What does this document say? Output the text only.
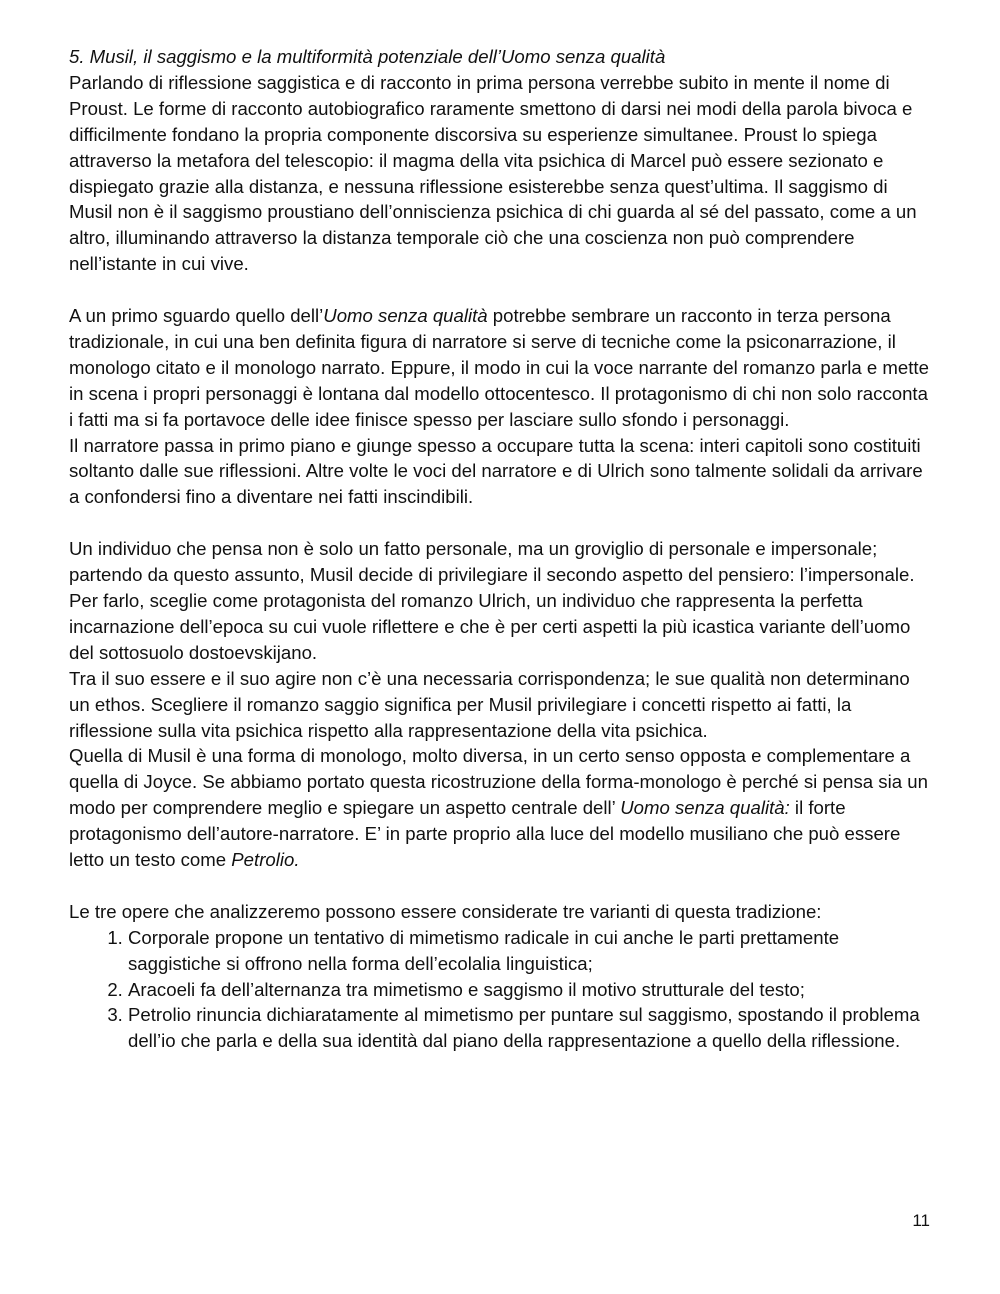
5. Musil, il saggismo e la multiformità potenziale dell’Uomo senza qualità

Parlando di riflessione saggistica e di racconto in prima persona verrebbe subito in mente il nome di Proust. Le forme di racconto autobiografico raramente smettono di darsi nei modi della parola bivoca e difficilmente fondano la propria componente discorsiva su esperienze simultanee. Proust lo spiega attraverso la metafora del telescopio: il magma della vita psichica di Marcel può essere sezionato e dispiegato grazie alla distanza, e nessuna riflessione esisterebbe senza quest’ultima. Il saggismo di Musil non è il saggismo proustiano dell’onniscienza psichica di chi guarda al sé del passato, come a un altro, illuminando attraverso la distanza temporale ciò che una coscienza non può comprendere nell’istante in cui vive.

A un primo sguardo quello dell’Uomo senza qualità potrebbe sembrare un racconto in terza persona tradizionale, in cui una ben definita figura di narratore si serve di tecniche come la psiconarrazione, il monologo citato e il monologo narrato. Eppure, il modo in cui la voce narrante del romanzo parla e mette in scena i propri personaggi è lontana dal modello ottocentesco. Il protagonismo di chi non solo racconta i fatti ma si fa portavoce delle idee finisce spesso per lasciare sullo sfondo i personaggi.

Il narratore passa in primo piano e giunge spesso a occupare tutta la scena: interi capitoli sono costituiti soltanto dalle sue riflessioni. Altre volte le voci del narratore e di Ulrich sono talmente solidali da arrivare a confondersi fino a diventare nei fatti inscindibili.

Un individuo che pensa non è solo un fatto personale, ma un groviglio di personale e impersonale; partendo da questo assunto, Musil decide di privilegiare il secondo aspetto del pensiero: l’impersonale. Per farlo, sceglie come protagonista del romanzo Ulrich, un individuo che rappresenta la perfetta incarnazione dell’epoca su cui vuole riflettere e che è per certi aspetti la più icastica variante dell’uomo del sottosuolo dostoevskijano.

Tra il suo essere e il suo agire non c’è una necessaria corrispondenza; le sue qualità non determinano un ethos. Scegliere il romanzo saggio significa per Musil privilegiare i concetti rispetto ai fatti, la riflessione sulla vita psichica rispetto alla rappresentazione della vita psichica.

Quella di Musil è una forma di monologo, molto diversa, in un certo senso opposta e complementare a quella di Joyce. Se abbiamo portato questa ricostruzione della forma-monologo è perché si pensa sia un modo per comprendere meglio e spiegare un aspetto centrale dell’ Uomo senza qualità: il forte protagonismo dell’autore-narratore. E’ in parte proprio alla luce del modello musiliano che può essere letto un testo come Petrolio.

Le tre opere che analizzeremo possono essere considerate tre varianti di questa tradizione:

1. Corporale propone un tentativo di mimetismo radicale in cui anche le parti prettamente saggistiche si offrono nella forma dell’ecolalia linguistica;
2. Aracoeli fa dell’alternanza tra mimetismo e saggismo il motivo strutturale del testo;
3. Petrolio rinuncia dichiaratamente al mimetismo per puntare sul saggismo, spostando il problema dell’io che parla e della sua identità dal piano della rappresentazione a quello della riflessione.
11
